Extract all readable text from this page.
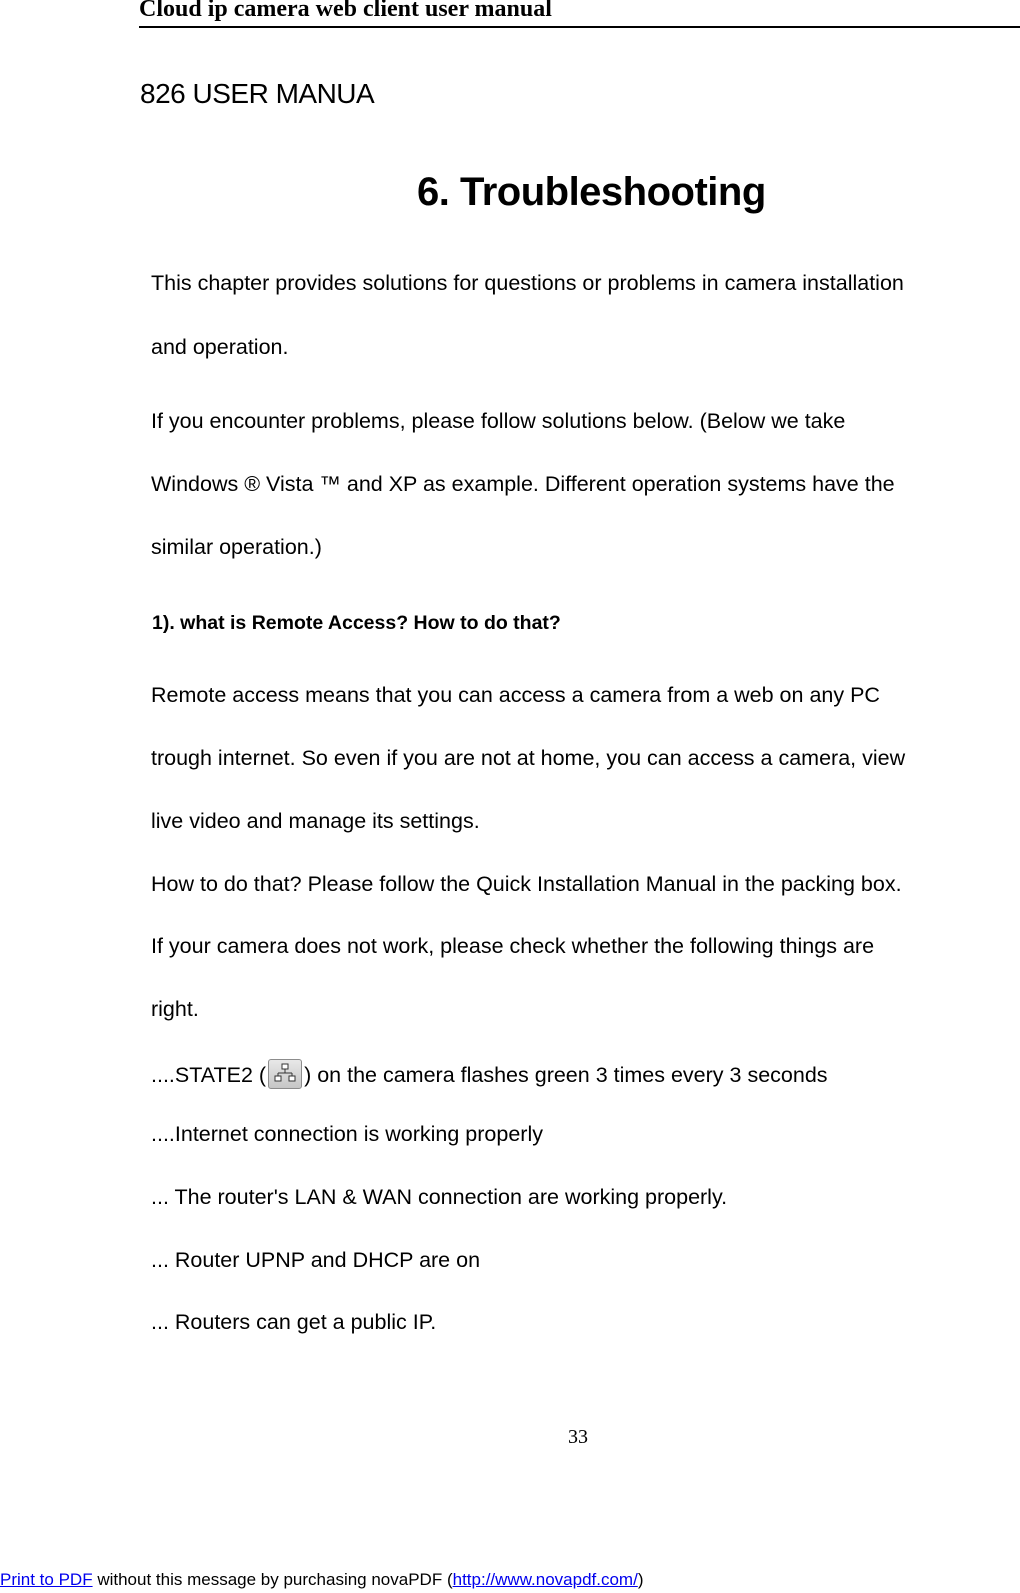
Cloud ip camera web client user manual
826 USER MANUA
6. Troubleshooting
This chapter provides solutions for questions or problems in camera installation
and operation.
If you encounter problems, please follow solutions below. (Below we take
Windows ® Vista ™ and XP as example. Different operation systems have the
similar operation.)
1). what is Remote Access? How to do that?
Remote access means that you can access a camera from a web on any PC
trough internet. So even if you are not at home, you can access a camera, view
live video and manage its settings.
How to do that? Please follow the Quick Installation Manual in the packing box.
If your camera does not work, please check whether the following things are
right.
....STATE2 ( ) on the camera flashes green 3 times every 3 seconds
....Internet connection is working properly
... The router's LAN & WAN connection are working properly.
... Router UPNP and DHCP are on
... Routers can get a public IP.
33
Print to PDF without this message by purchasing novaPDF (http://www.novapdf.com/)
